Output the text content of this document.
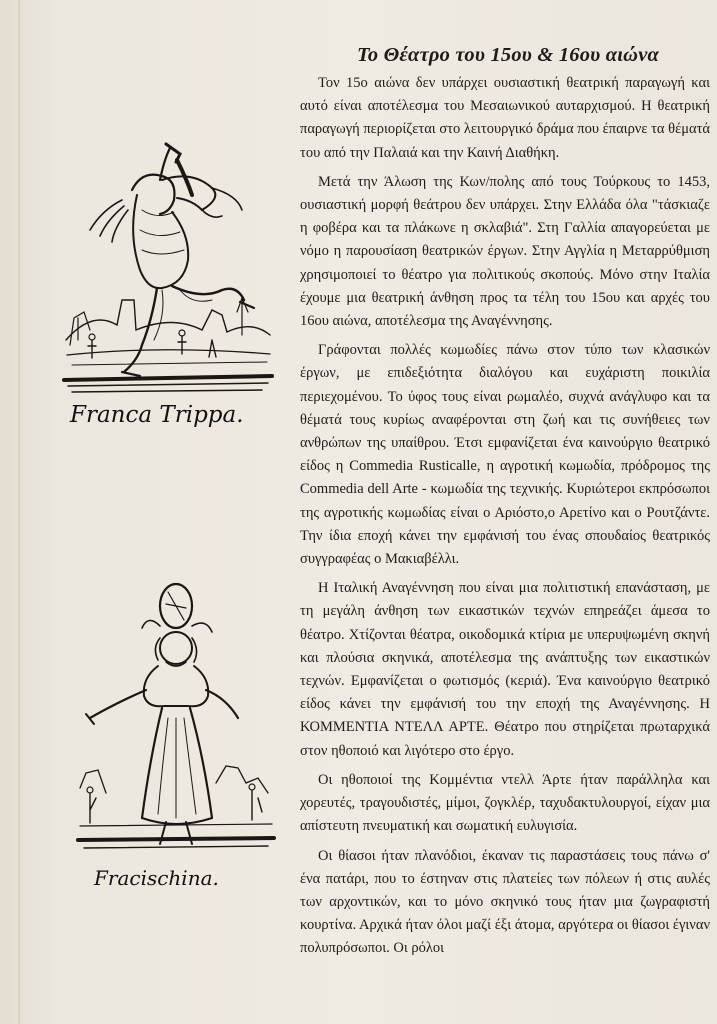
Το Θέατρο του 15ου & 16ου αιώνα

Τον 15ο αιώνα δεν υπάρχει ουσιαστική θεατρική παραγωγή και αυτό είναι αποτέλεσμα του Μεσαιωνικού αυταρχισμού. Η θεατρική παραγωγή περιορίζεται στο λειτουργικό δράμα που έπαιρνε τα θέματά του από την Παλαιά και την Καινή Διαθήκη.

Μετά την Άλωση της Κων/πολης από τους Τούρκους το 1453, ουσιαστική μορφή θεάτρου δεν υπάρχει. Στην Ελλάδα όλα "τάσκιαζε η φοβέρα και τα πλάκωνε η σκλαβιά". Στη Γαλλία απαγορεύεται με νόμο η παρουσίαση θεατρικών έργων. Στην Αγγλία η Μεταρρύθμιση χρησιμοποιεί το θέατρο για πολιτικούς σκοπούς. Μόνο στην Ιταλία έχουμε μια θεατρική άνθηση προς τα τέλη του 15ου και αρχές του 16ου αιώνα, αποτέλεσμα της Αναγέννησης.

Γράφονται πολλές κωμωδίες πάνω στον τύπο των κλασικών έργων, με επιδεξιότητα διαλόγου και ευχάριστη ποικιλία περιεχομένου. Το ύφος τους είναι ρωμαλέο, συχνά ανάγλυφο και τα θέματά τους κυρίως αναφέρονται στη ζωή και τις συνήθειες των ανθρώπων της υπαίθρου. Έτσι εμφανίζεται ένα καινούργιο θεατρικό είδος η Commedia Rusticalle, η αγροτική κωμωδία, πρόδρομος της Commedia dell Arte - κωμωδία της τεχνικής. Κυριώτεροι εκπρόσωποι της αγροτικής κωμωδίας είναι ο Αριόστο,ο Αρετίνο και ο Ρουτζάντε. Την ίδια εποχή κάνει την εμφάνισή του ένας σπουδαίος θεατρικός συγγραφέας ο Μακιαβέλλι.

Η Ιταλική Αναγέννηση που είναι μια πολιτιστική επανάσταση, με τη μεγάλη άνθηση των εικαστικών τεχνών επηρεάζει άμεσα το θέατρο. Χτίζονται θέατρα, οικοδομικά κτίρια με υπερυψωμένη σκηνή και πλούσια σκηνικά, αποτέλεσμα της ανάπτυξης των εικαστικών τεχνών. Εμφανίζεται ο φωτισμός (κεριά). Ένα καινούργιο θεατρικό είδος κάνει την εμφάνισή του την εποχή της Αναγέννησης. Η ΚΟΜΜΕΝΤΙΑ ΝΤΕΛΛ ΑΡΤΕ. Θέατρο που στηρίζεται πρωταρχικά στον ηθοποιό και λιγότερο στο έργο.

Οι ηθοποιοί της Κομμέντια ντελλ Άρτε ήταν παράλληλα και χορευτές, τραγουδιστές, μίμοι, ζογκλέρ, ταχυδακτυλουργοί, είχαν μια απίστευτη πνευματική και σωματική ευλυγισία.

Οι θίασοι ήταν πλανόδιοι, έκαναν τις παραστάσεις τους πάνω σ' ένα πατάρι, που το έστηναν στις πλατείες των πόλεων ή στις αυλές των αρχοντικών, και το μόνο σκηνικό τους ήταν μια ζωγραφιστή κουρτίνα. Αρχικά ήταν όλοι μαζί έξι άτομα, αργότερα οι θίασοι έγιναν πολυπρόσωποι. Οι ρόλοι

Franca Trippa.
Fracischina.
